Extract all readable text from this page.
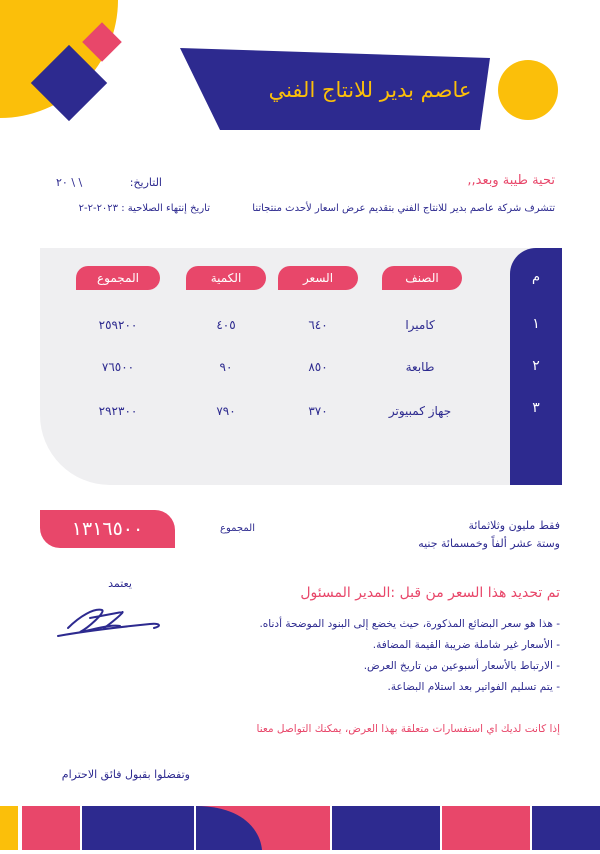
عاصم بدير للانتاج الفني
التاريخ:
٢٠ \ \
تاريخ إنتهاء الصلاحية : ٢٠٢٣-٢-٢
تحية طيبة وبعد,,
تتشرف شركة عاصم بدير للانتاج الفني بتقديم عرض اسعار لأحدث منتجاتنا
م
الصنف
السعر
الكمية
المجموع
١
كاميرا
٦٤٠
٤٠٥
٢٥٩٢٠٠
٢
طابعة
٨٥٠
٩٠
٧٦٥٠٠
٣
جهاز كمبيوتر
٣٧٠
٧٩٠
٢٩٢٣٠٠
فقط مليون وثلاثمائة
وستة عشر ألفاً وخمسمائة جنيه
المجموع
١٣١٦٥٠٠
يعتمد
تم تحديد هذا السعر من قبل :المدير المسئول
- هذا هو سعر البضائع المذكورة، حيث يخضع إلى البنود الموضحة أدناه.
- الأسعار غير شاملة ضريبة القيمة المضافة.
- الارتباط بالأسعار أسبوعين من تاريخ العرض.
- يتم تسليم الفواتير بعد استلام البضاعة.
إذا كانت لديك اي استفسارات متعلقة بهذا العرض، يمكنك التواصل معنا
وتفضلوا بقبول فائق الاحترام
